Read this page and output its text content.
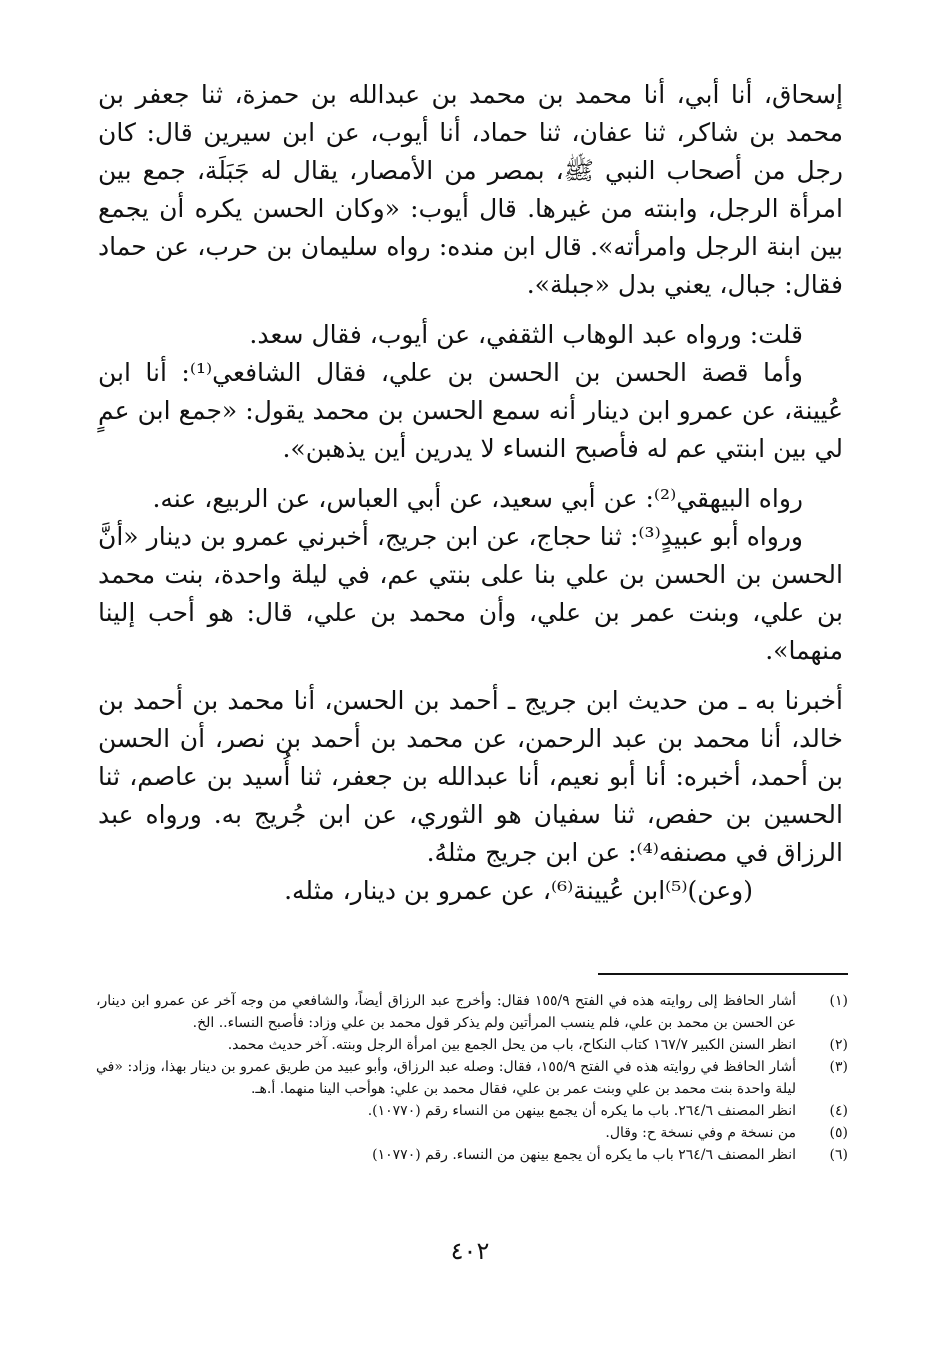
إسحاق، أنا أبي، أنا محمد بن محمد بن عبدالله بن حمزة، ثنا جعفر بن محمد بن شاكر، ثنا عفان، ثنا حماد، أنا أيوب، عن ابن سيرين قال: كان رجل من أصحاب النبي ﷺ، بمصر من الأمصار، يقال له جَبَلَة، جمع بين امرأة الرجل، وابنته من غيرها. قال أيوب: «وكان الحسن يكره أن يجمع بين ابنة الرجل وامرأته». قال ابن منده: رواه سليمان بن حرب، عن حماد فقال: جبال، يعني بدل «جبلة».

قلت: ورواه عبد الوهاب الثقفي، عن أيوب، فقال سعد.

وأما قصة الحسن بن الحسن بن علي، فقال الشافعي⁽¹⁾: أنا ابن عُيينة، عن عمرو ابن دينار أنه سمع الحسن بن محمد يقول: «جمع ابن عمٍ لي بين ابنتي عم له فأصبح النساء لا يدرين أين يذهبن».

رواه البيهقي⁽²⁾: عن أبي سعيد، عن أبي العباس، عن الربيع، عنه.

ورواه أبو عبيدٍ⁽³⁾: ثنا حجاج، عن ابن جريج، أخبرني عمرو بن دينار «أنَّ الحسن بن الحسن بن علي بنا على بنتي عم، في ليلة واحدة، بنت محمد بن علي، وبنت عمر بن علي، وأن محمد بن علي، قال: هو أحب إلينا منهما».

أخبرنا به ـ من حديث ابن جريج ـ أحمد بن الحسن، أنا محمد بن أحمد بن خالد، أنا محمد بن عبد الرحمن، عن محمد بن أحمد بن نصر، أن الحسن بن أحمد، أخبره: أنا أبو نعيم، أنا عبدالله بن جعفر، ثنا أُسيد بن عاصم، ثنا الحسين بن حفص، ثنا سفيان هو الثوري، عن ابن جُريج به. ورواه عبد الرزاق في مصنفه⁽⁴⁾: عن ابن جريج مثلهُ.

(وعن)⁽⁵⁾ابن عُيينة⁽⁶⁾، عن عمرو بن دينار، مثله.

(١)
أشار الحافظ إلى روايته هذه في الفتح ١٥٥/٩ فقال: وأخرج عبد الرزاق أيضاً، والشافعي من وجه آخر عن عمرو ابن دينار، عن الحسن بن محمد بن علي، فلم ينسب المرأتين ولم يذكر قول محمد بن علي وزاد: فأصبح النساء.. الخ.
(٢)
انظر السنن الكبير ١٦٧/٧ كتاب النكاح، باب من يحل الجمع بين امرأة الرجل وبنته. آخر حديث محمد.
(٣)
أشار الحافظ في روايته هذه في الفتح ١٥٥/٩، فقال: وصله عبد الرزاق، وأبو عبيد من طريق عمرو بن دينار بهذا، وزاد: «في ليلة واحدة بنت محمد بن علي وبنت عمر بن علي، فقال محمد بن علي: هوأحب الينا منهما. أ.هـ.
(٤)
انظر المصنف ٢٦٤/٦. باب ما يكره أن يجمع بينهن من النساء رقم (١٠٧٧٠).
(٥)
من نسخة م وفي نسخة ح: وقال.
(٦)
انظر المصنف ٢٦٤/٦ باب ما يكره أن يجمع بينهن من النساء. رقم (١٠٧٧٠)
٤٠٢
